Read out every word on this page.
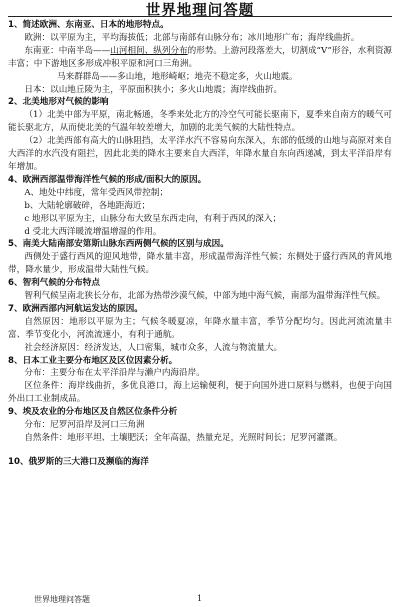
世界地理问答题
1、简述欧洲、东南亚、日本的地形特点。
欧洲：以平原为主，平均海拔低；北部与南部有山脉分布；冰川地形广布；海岸线曲折。
东南亚：中南半岛——山河相间、纵列分布的形势。上游河段落差大，切割成“V”形谷，水利资源丰富；中下游地区多形成冲积平原和河口三角洲。
马来群群岛——多山地，地形崎岖；地壳不稳定多，火山地震。
日本：以山地丘陵为主，平原面积狭小；多火山地震；海岸线曲折。
2、北美地形对气候的影响
（1）北美中部为平原，南北畅通，冬季来处北方的冷空气可能长驱南下，夏季来自南方的暖气可能长驱北方，从而使北美的气温年较差增大，加剧的北美气候的大陆性特点。
（2）北美西部有高大的山脉阻挡，太平洋水汽不容易向东深入，东部的低缓的山地与高原对来自大西洋的水汽没有阻拦，因此北美的降水主要来自大西洋，年降水量自东向西递减，到太平洋沿岸有年增加。
4、欧洲西部温带海洋性气候的形成/面积大的原因。
A、地处中纬度，常年受西风带控制；
b、大陆轮廓破碎，各地距海近；
c 地形以平原为主，山脉分布大致呈东西走向，有利于西风的深入；
d 受北大西洋暖流增温增湿的作用。
5、南美大陆南部安第斯山脉东西两侧气候的区别与成因。
西侧处于盛行西风的迎风地带，降水量丰富，形成温带海洋性气候；东侧处于盛行西风的背风地带，降水量少，形成温带大陆性气候。
6、智利气候的分布特点
智利气候呈南北狭长分布，北部为热带沙漠气候，中部为地中海气候，南部为温带海洋性气候。
7、欧洲西部内河航运发达的原因。
自然原因：地形以平原为主；气候冬暖夏凉，年降水量丰富，季节分配均匀。因此河流流量丰富、季节变化小，河流流速小，有利于通航。
社会经济原因：经济发达，人口密集，城市众多，人流与物流量大。
8、日本工业主要分布地区及区位因素分析。
分布：主要分布在太平洋沿岸与濑户内海沿岸。
区位条件：海岸线曲折，多优良港口，海上运输便利，便于向国外进口原料与燃料，也便于向国外出口工业制成品。
9、埃及农业的分布地区及自然区位条件分析
分布：尼罗河沿岸及河口三角洲
自然条件：地形平坦、土壤肥沃；全年高温，热量充足，光照时间长；尼罗河灌溉。
10、俄罗斯的三大港口及濒临的海洋
世界地理问答题	1
